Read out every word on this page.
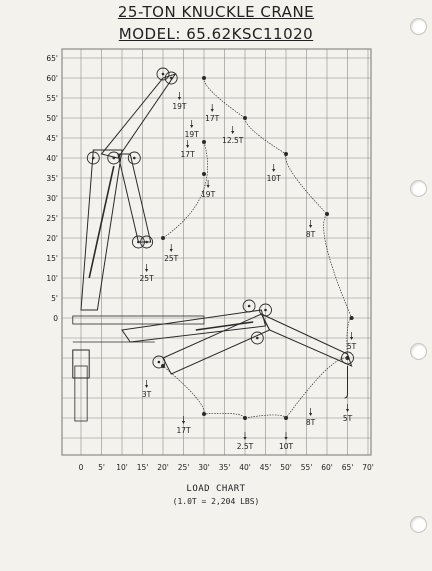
25-TON KNUCKLE CRANE
MODEL: 65.62KSC11020
65'
60'
55'
50'
45'
40'
35'
30'
25'
20'
15'
10'
5'
0
0 5' 10' 15' 20' 25' 30' 35' 40' 45' 50' 55' 60' 65' 70'
19T
17T
19T
12.5T
17T
10T
19T
8T
25T
25T
5T
3T
8T	5T
17T
2.5T	10T
LOAD CHART
(1.0T = 2,204 LBS)
